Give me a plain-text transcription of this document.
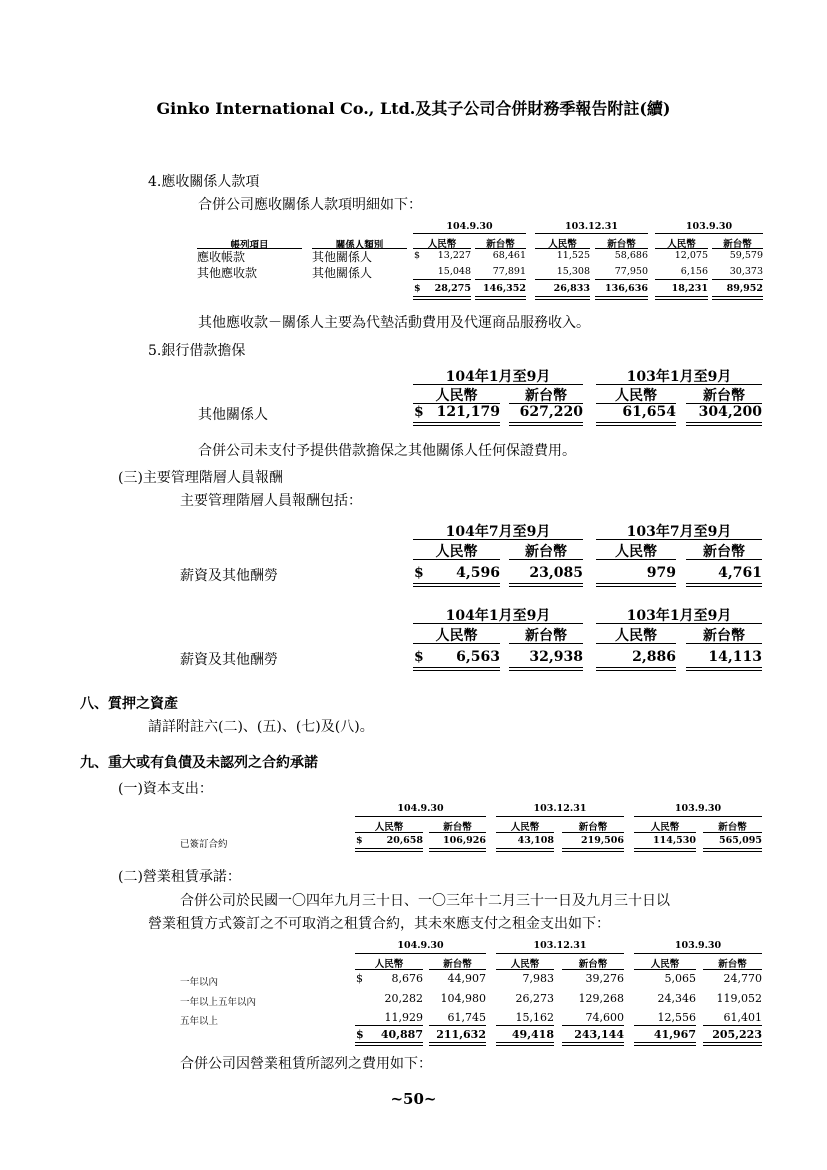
Ginko International Co., Ltd.及其子公司合併財務季報告附註(續)
4.應收關係人款項
合併公司應收關係人款項明細如下：
104.9.30	103.12.31	103.9.30
帳列項目	關係人類別	人民幣	新台幣	人民幣	新台幣	人民幣	新台幣
應收帳款	其他關係人	$	13,227	68,461	11,525	58,686	12,075	59,579
其他應收款	其他關係人	15,048	77,891	15,308	77,950	6,156	30,373
$	28,275	146,352	26,833	136,636	18,231	89,952
其他應收款－關係人主要為代墊活動費用及代運商品服務收入。
5.銀行借款擔保
104年1月至9月	103年1月至9月
人民幣	新台幣	人民幣	新台幣
其他關係人	$ 121,179	627,220	61,654	304,200
合併公司未支付予提供借款擔保之其他關係人任何保證費用。
(三)主要管理階層人員報酬
主要管理階層人員報酬包括：
104年7月至9月	103年7月至9月
人民幣	新台幣	人民幣	新台幣
薪資及其他酬勞	$	4,596	23,085	979	4,761
104年1月至9月	103年1月至9月
人民幣	新台幣	人民幣	新台幣
薪資及其他酬勞	$	6,563	32,938	2,886	14,113
八、質押之資產
請詳附註六(二)、(五)、(七)及(八)。
九、重大或有負債及未認列之合約承諾
(一)資本支出：
104.9.30	103.12.31	103.9.30
人民幣	新台幣	人民幣	新台幣	人民幣	新台幣
已簽訂合約	$	20,658	106,926	43,108	219,506	114,530	565,095
(二)營業租賃承諾：
合併公司於民國一〇四年九月三十日、一〇三年十二月三十一日及九月三十日以
營業租賃方式簽訂之不可取消之租賃合約，其未來應支付之租金支出如下：
104.9.30	103.12.31	103.9.30
人民幣	新台幣	人民幣	新台幣	人民幣	新台幣
一年以內	$	8,676	44,907	7,983	39,276	5,065	24,770
一年以上五年以內	20,282	104,980	26,273	129,268	24,346	119,052
五年以上	11,929	61,745	15,162	74,600	12,556	61,401
$	40,887	211,632	49,418	243,144	41,967	205,223
合併公司因營業租賃所認列之費用如下：
~50~
